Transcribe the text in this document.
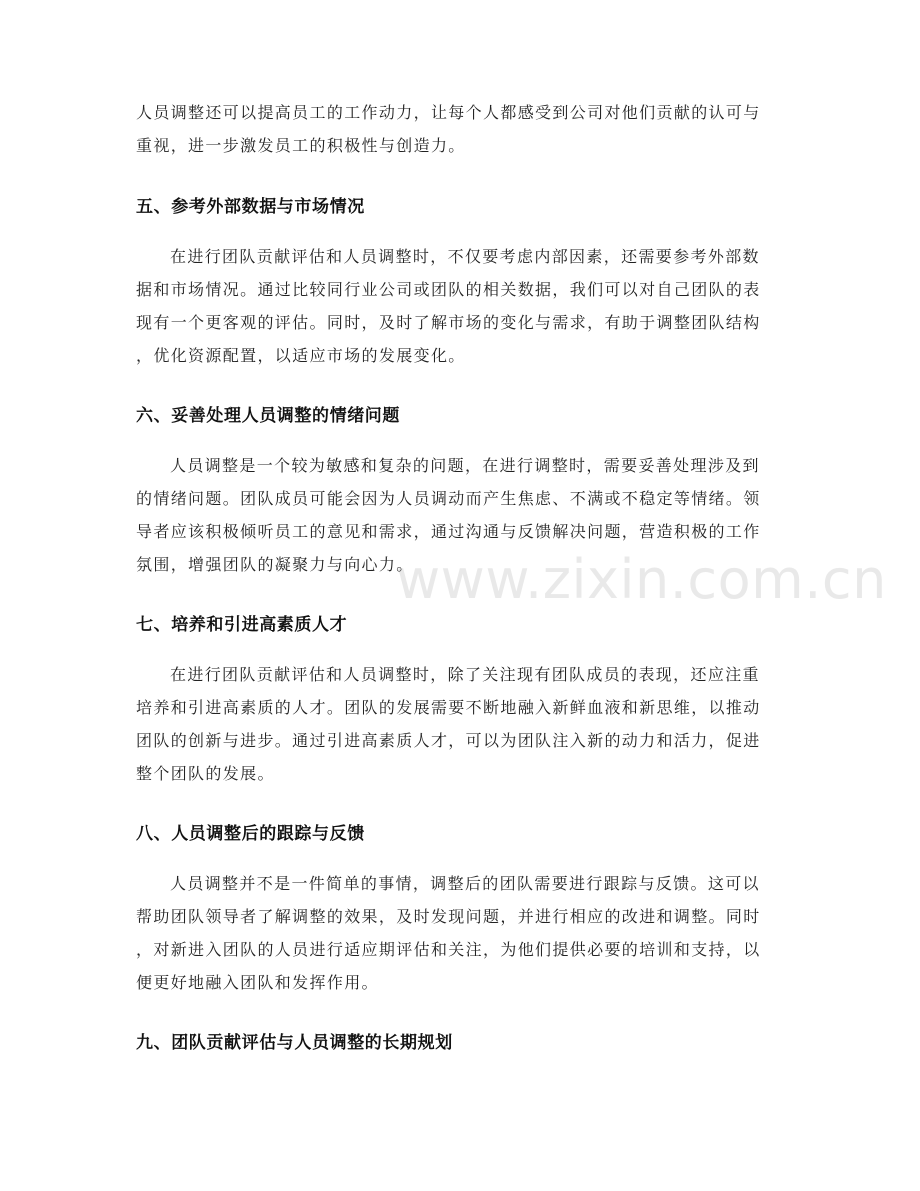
www.zixin.com.cn
人员调整还可以提高员工的工作动力，让每个人都感受到公司对他们贡献的认可与
重视，进一步激发员工的积极性与创造力。
五、参考外部数据与市场情况
在进行团队贡献评估和人员调整时，不仅要考虑内部因素，还需要参考外部数
据和市场情况。通过比较同行业公司或团队的相关数据，我们可以对自己团队的表
现有一个更客观的评估。同时，及时了解市场的变化与需求，有助于调整团队结构
，优化资源配置，以适应市场的发展变化。
六、妥善处理人员调整的情绪问题
人员调整是一个较为敏感和复杂的问题，在进行调整时，需要妥善处理涉及到
的情绪问题。团队成员可能会因为人员调动而产生焦虑、不满或不稳定等情绪。领
导者应该积极倾听员工的意见和需求，通过沟通与反馈解决问题，营造积极的工作
氛围，增强团队的凝聚力与向心力。
七、培养和引进高素质人才
在进行团队贡献评估和人员调整时，除了关注现有团队成员的表现，还应注重
培养和引进高素质的人才。团队的发展需要不断地融入新鲜血液和新思维，以推动
团队的创新与进步。通过引进高素质人才，可以为团队注入新的动力和活力，促进
整个团队的发展。
八、人员调整后的跟踪与反馈
人员调整并不是一件简单的事情，调整后的团队需要进行跟踪与反馈。这可以
帮助团队领导者了解调整的效果，及时发现问题，并进行相应的改进和调整。同时
，对新进入团队的人员进行适应期评估和关注，为他们提供必要的培训和支持，以
便更好地融入团队和发挥作用。
九、团队贡献评估与人员调整的长期规划
